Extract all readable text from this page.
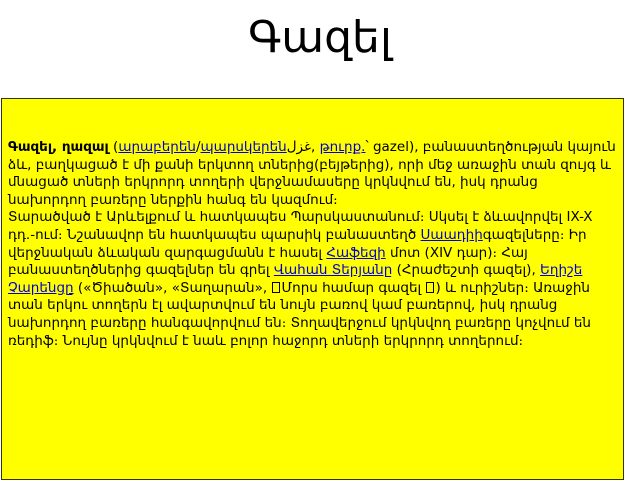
Գազել

Գազել, ղազալ (արաբերեն/պարսկերենغزل, թուրք.՝ gazel), բանաստեղծության կայուն ձև, բաղկացած է մի քանի երկտող տներից(բեյթերից), որի մեջ առաջին տան զույգ և մնացած տների երկրորդ տողերի վերջնամասերը կրկնվում են, իսկ դրանց նախորդող բառերը ներքին հանգ են կազմում։
Տարածված է Արևելքում և հատկապես Պարսկաստանում։ Սկսել է ձևավորվել IX-X դդ.-ում։ Նշանավոր են հատկապես պարսիկ բանաստեղծ Սաադիիգազելները։ Իր վերջնական ձևական զարգացմանն է հասել Հաֆեզի մոտ (XIV դար)։ Հայ բանաստեղծներից գազելներ են գրել Վահան Տերյանը (Հրաժեշտի գազել), Եղիշե Չարենցը («Ծիածան», «Տաղարան», Մորս համար գազել ) և ուրիշներ։ Առաջին տան երկու տողերն էլ ավարտվում են նույն բառով կամ բառերով, իսկ դրանց նախորդող բառերը հանգավորվում են։ Տողավերջում կրկնվող բառերը կոչվում են ռեդիֆ։ Նույնը կրկնվում է նաև բոլոր հաջորդ տների երկրորդ տողերում։
